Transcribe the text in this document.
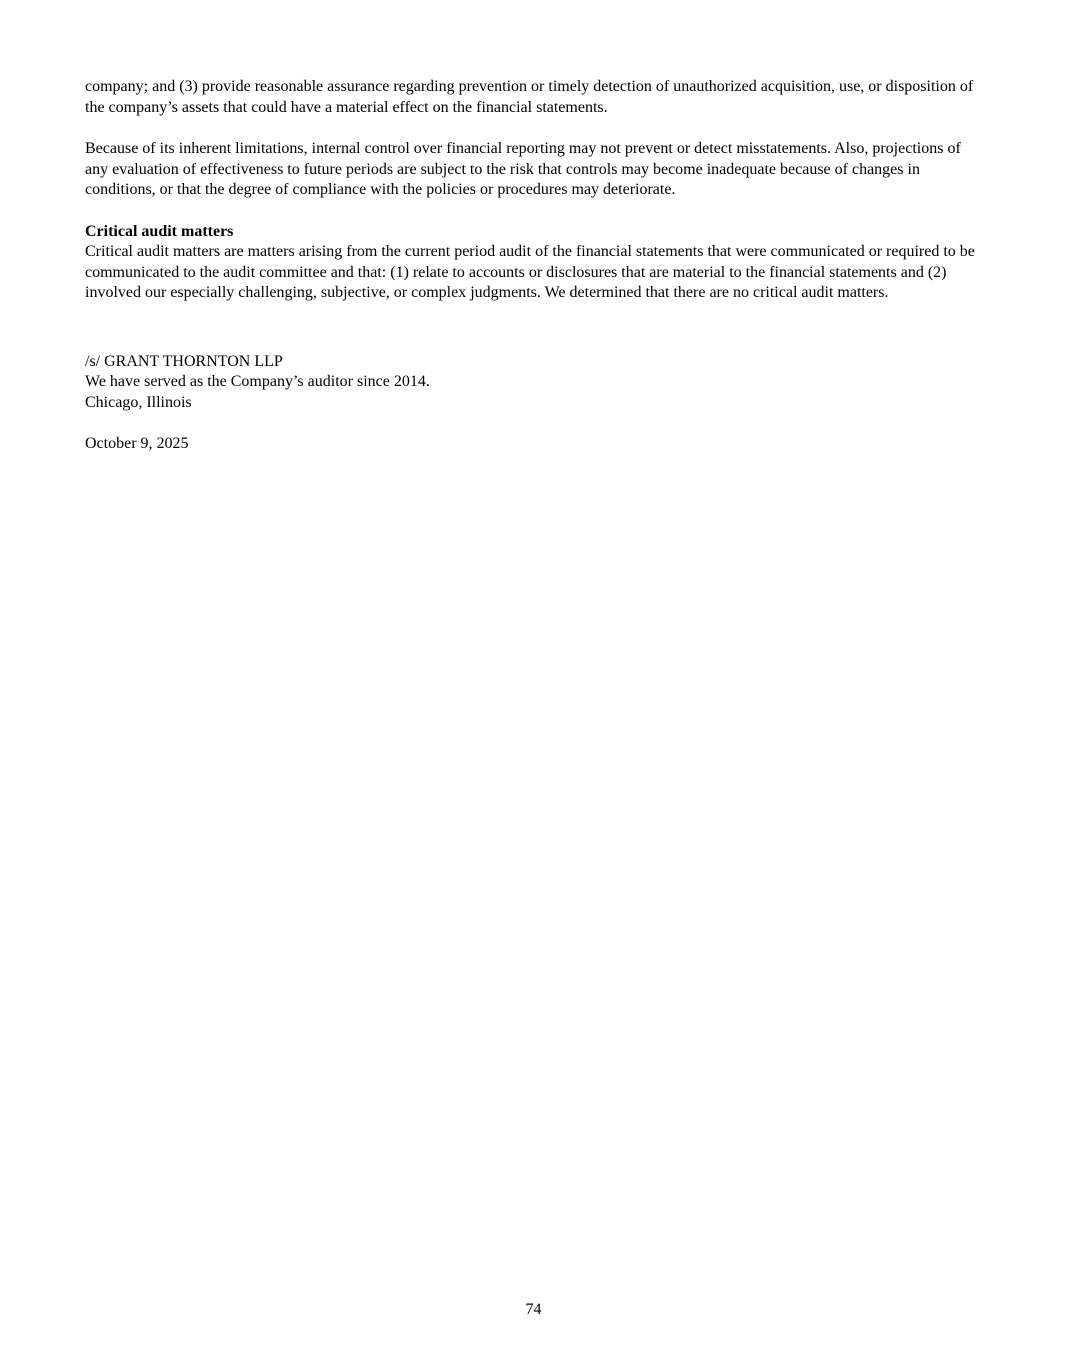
company; and (3) provide reasonable assurance regarding prevention or timely detection of unauthorized acquisition, use, or disposition of the company’s assets that could have a material effect on the financial statements.

Because of its inherent limitations, internal control over financial reporting may not prevent or detect misstatements. Also, projections of any evaluation of effectiveness to future periods are subject to the risk that controls may become inadequate because of changes in conditions, or that the degree of compliance with the policies or procedures may deteriorate.

Critical audit matters

Critical audit matters are matters arising from the current period audit of the financial statements that were communicated or required to be communicated to the audit committee and that: (1) relate to accounts or disclosures that are material to the financial statements and (2) involved our especially challenging, subjective, or complex judgments. We determined that there are no critical audit matters.

/s/ GRANT THORNTON LLP

We have served as the Company’s auditor since 2014.

Chicago, Illinois

October 9, 2025

74
